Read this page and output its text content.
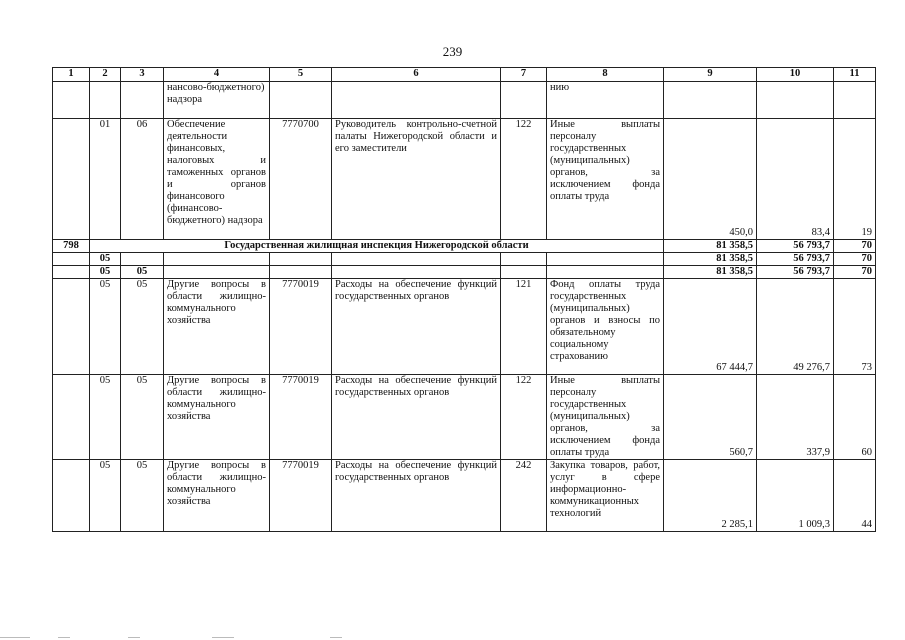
239
1	2	3	4	5	6	7	8	9	10	11
			нансово-бюджетного) надзора				нию			
	01	06	Обеспечение деятельности финансовых, налоговых и таможенных органов и органов финансового (финансово-бюджетного) надзора	7770700	Руководитель контрольно-счетной палаты Нижегородской области и его заместители	122	Иные выплаты персоналу государственных (муниципальных) органов, за исключением фонда оплаты труда	450,0	83,4	19
798	Государственная жилищная инспекция Нижегородской области							81 358,5	56 793,7	70
	05							81 358,5	56 793,7	70
	05	05						81 358,5	56 793,7	70
	05	05	Другие вопросы в области жилищно-коммунального хозяйства	7770019	Расходы на обеспечение функций государственных органов	121	Фонд оплаты труда государственных (муниципальных) органов и взносы по обязательному социальному страхованию	67 444,7	49 276,7	73
	05	05	Другие вопросы в области жилищно-коммунального хозяйства	7770019	Расходы на обеспечение функций государственных органов	122	Иные выплаты персоналу государственных (муниципальных) органов, за исключением фонда оплаты труда	560,7	337,9	60
	05	05	Другие вопросы в области жилищно-коммунального хозяйства	7770019	Расходы на обеспечение функций государственных органов	242	Закупка товаров, работ, услуг в сфере информационно-коммуникационных технологий	2 285,1	1 009,3	44
